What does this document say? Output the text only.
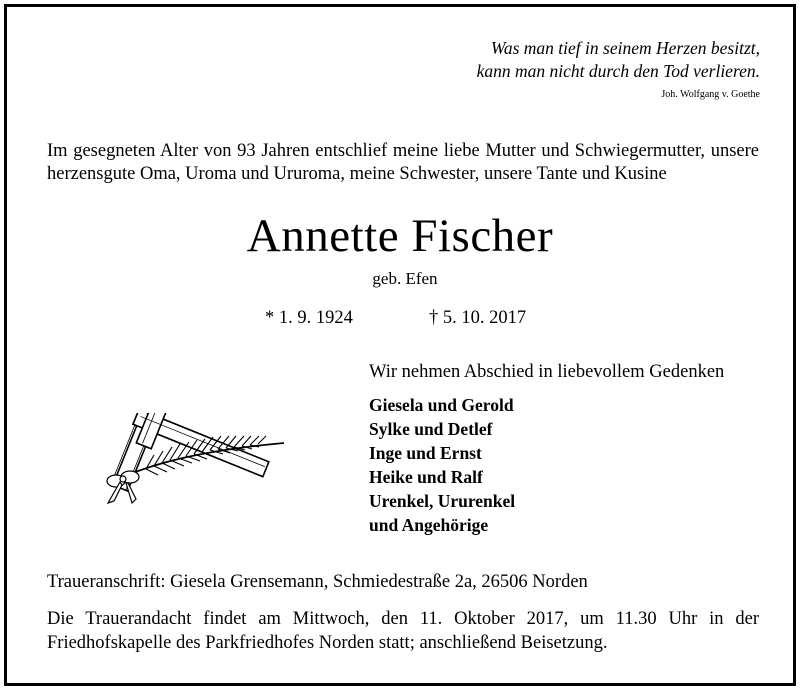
Was man tief in seinem Herzen besitzt,
kann man nicht durch den Tod verlieren.
Joh. Wolfgang v. Goethe
Im gesegneten Alter von 93 Jahren entschlief meine liebe Mutter und Schwiegermutter, unsere herzensgute Oma, Uroma und Ururoma, meine Schwester, unsere Tante und Kusine
Annette Fischer
geb. Efen
* 1. 9. 1924	† 5. 10. 2017
Wir nehmen Abschied in liebevollem Gedenken
Giesela und Gerold
Sylke und Detlef
Inge und Ernst
Heike und Ralf
Urenkel, Ururenkel
und Angehörige
Traueranschrift: Giesela Grensemann, Schmiedestraße 2a, 26506 Norden
Die Trauerandacht findet am Mittwoch, den 11. Oktober 2017, um 11.30 Uhr in der Friedhofskapelle des Parkfriedhofes Norden statt; anschließend Beisetzung.
